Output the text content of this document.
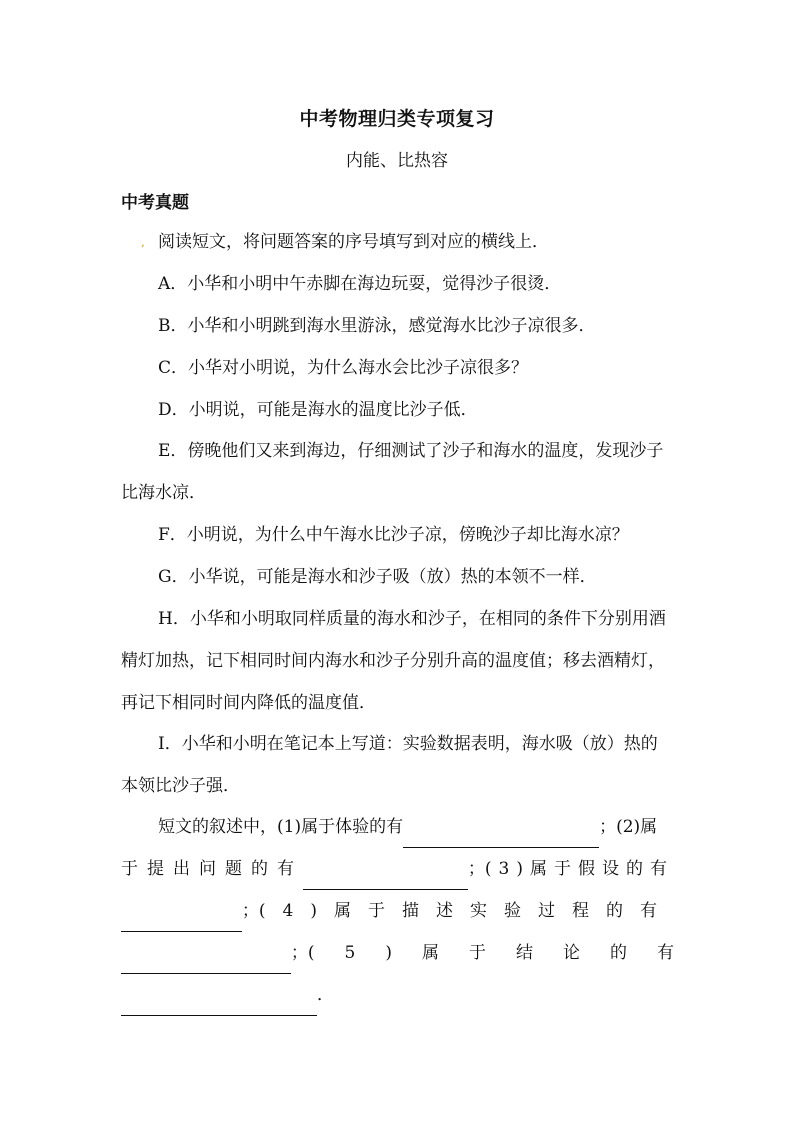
中考物理归类专项复习
内能、比热容
中考真题
, 阅读短文，将问题答案的序号填写到对应的横线上．
A．小华和小明中午赤脚在海边玩耍，觉得沙子很烫．
B．小华和小明跳到海水里游泳，感觉海水比沙子凉很多．
C．小华对小明说，为什么海水会比沙子凉很多？
D．小明说，可能是海水的温度比沙子低．
E．傍晚他们又来到海边，仔细测试了沙子和海水的温度，发现沙子比海水凉．
F．小明说，为什么中午海水比沙子凉，傍晚沙子却比海水凉？
G．小华说，可能是海水和沙子吸（放）热的本领不一样．
H．小华和小明取同样质量的海水和沙子，在相同的条件下分别用酒精灯加热，记下相同时间内海水和沙子分别升高的温度值；移去酒精灯，再记下相同时间内降低的温度值．
I．小华和小明在笔记本上写道：实验数据表明，海水吸（放）热的本领比沙子强．
短文的叙述中，(1)属于体验的有	； (2)属
于提出问题的有	； (3)属于假设的有
； (4)属于描述实验过程的有
； (5)属于结论的有
．
